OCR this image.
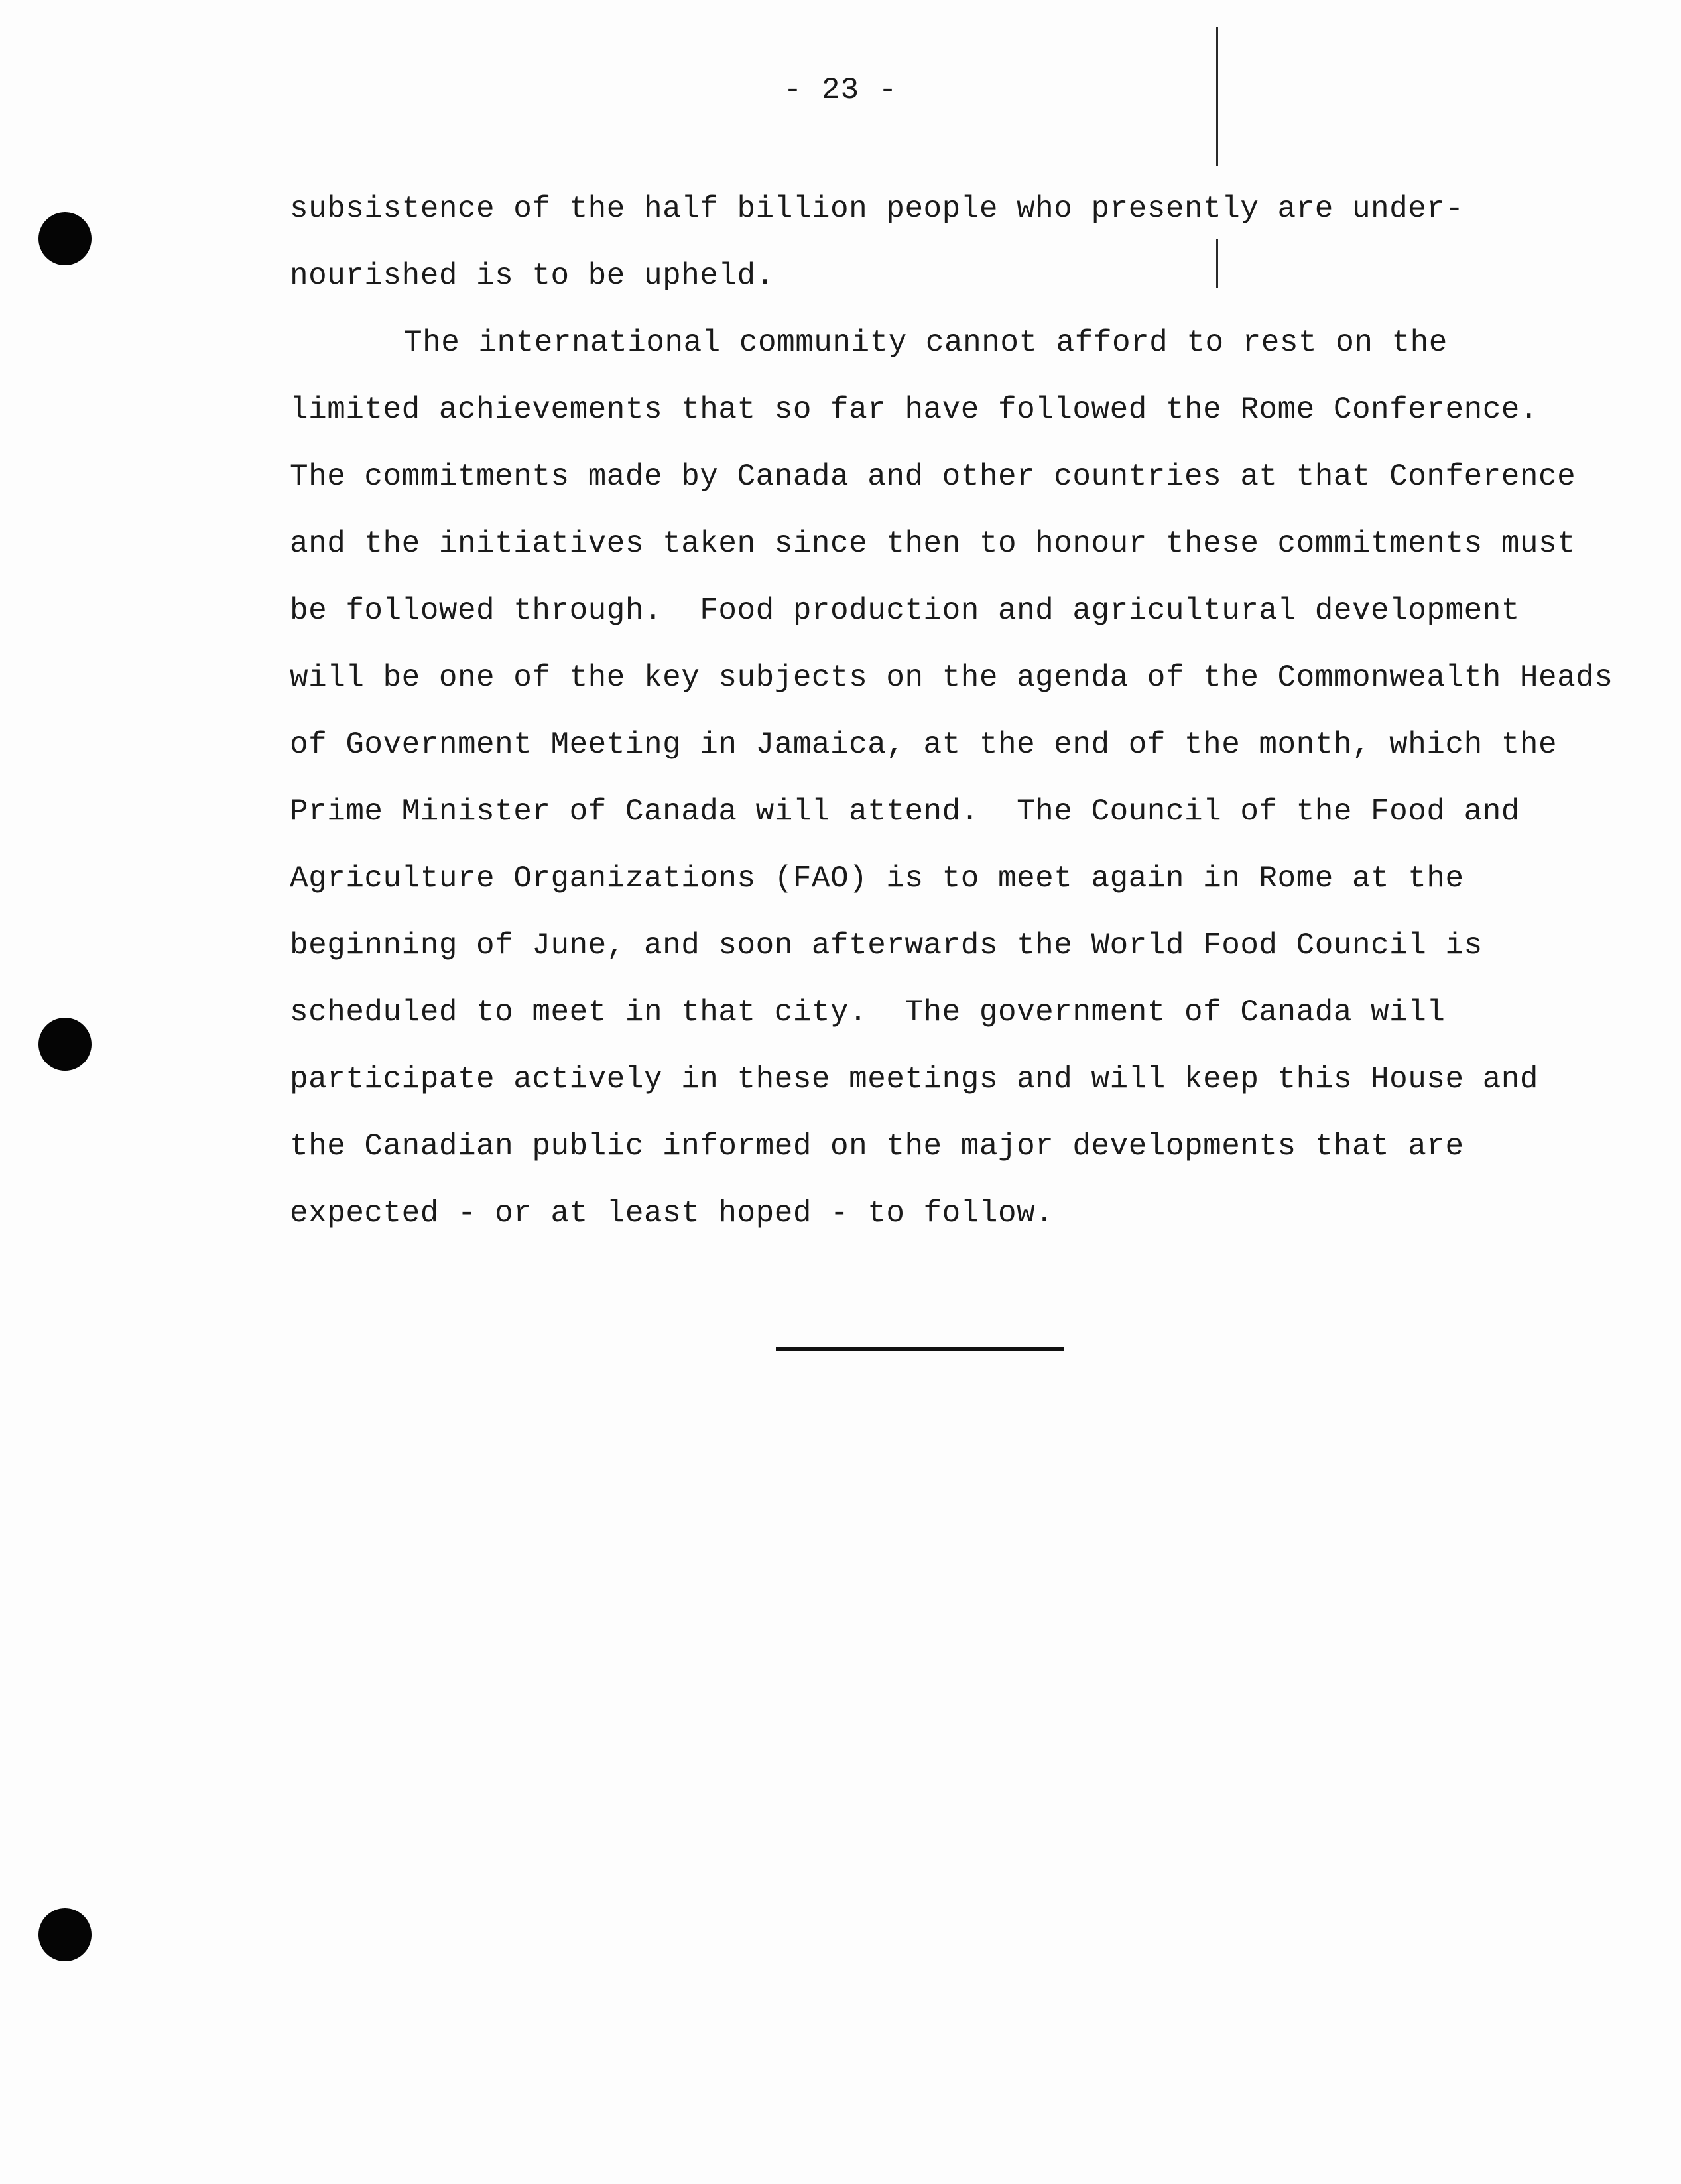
- 23 -
subsistence of the half billion people who presently are under-
nourished is to be upheld.
The international community cannot afford to rest on the
limited achievements that so far have followed the Rome Conference.
The commitments made by Canada and other countries at that Conference
and the initiatives taken since then to honour these commitments must
be followed through.  Food production and agricultural development
will be one of the key subjects on the agenda of the Commonwealth Heads
of Government Meeting in Jamaica, at the end of the month, which the
Prime Minister of Canada will attend.  The Council of the Food and
Agriculture Organizations (FAO) is to meet again in Rome at the
beginning of June, and soon afterwards the World Food Council is
scheduled to meet in that city.  The government of Canada will
participate actively in these meetings and will keep this House and
the Canadian public informed on the major developments that are
expected - or at least hoped - to follow.
